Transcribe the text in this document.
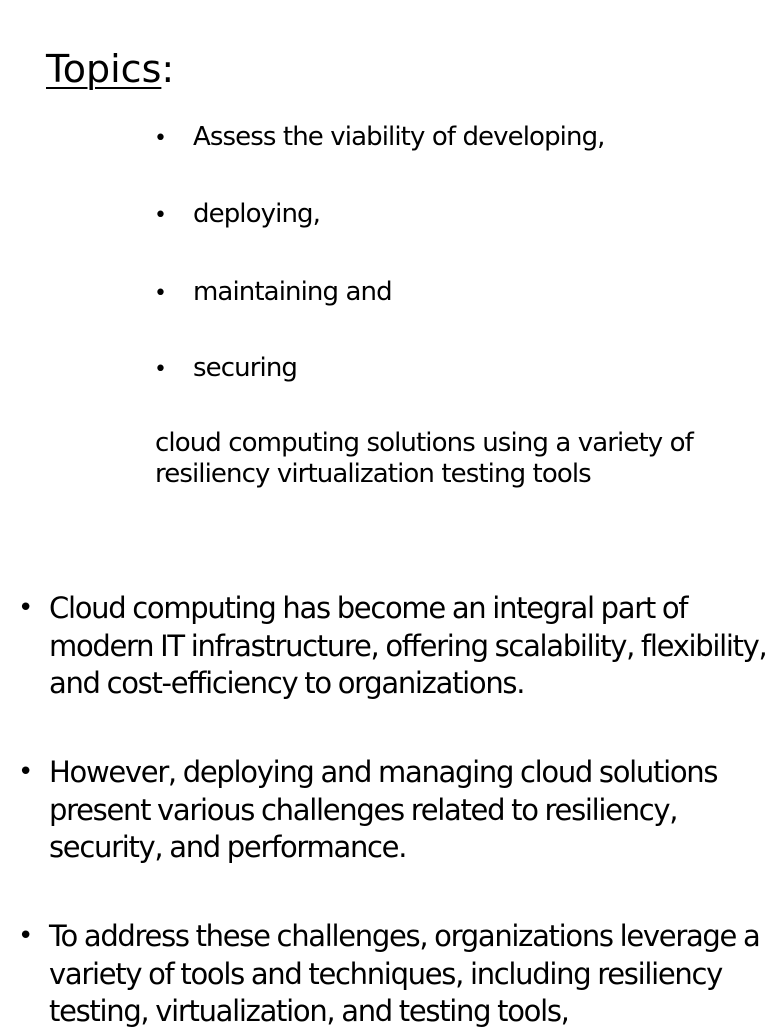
Topics:
• Assess the viability of developing,
• deploying,
• maintaining and
• securing

cloud computing solutions using a variety of resiliency virtualization testing tools

• Cloud computing has become an integral part of modern IT infrastructure, offering scalability, flexibility, and cost-efficiency to organizations.
• However, deploying and managing cloud solutions present various challenges related to resiliency, security, and performance.
• To address these challenges, organizations leverage a variety of tools and techniques, including resiliency testing, virtualization, and testing tools,
